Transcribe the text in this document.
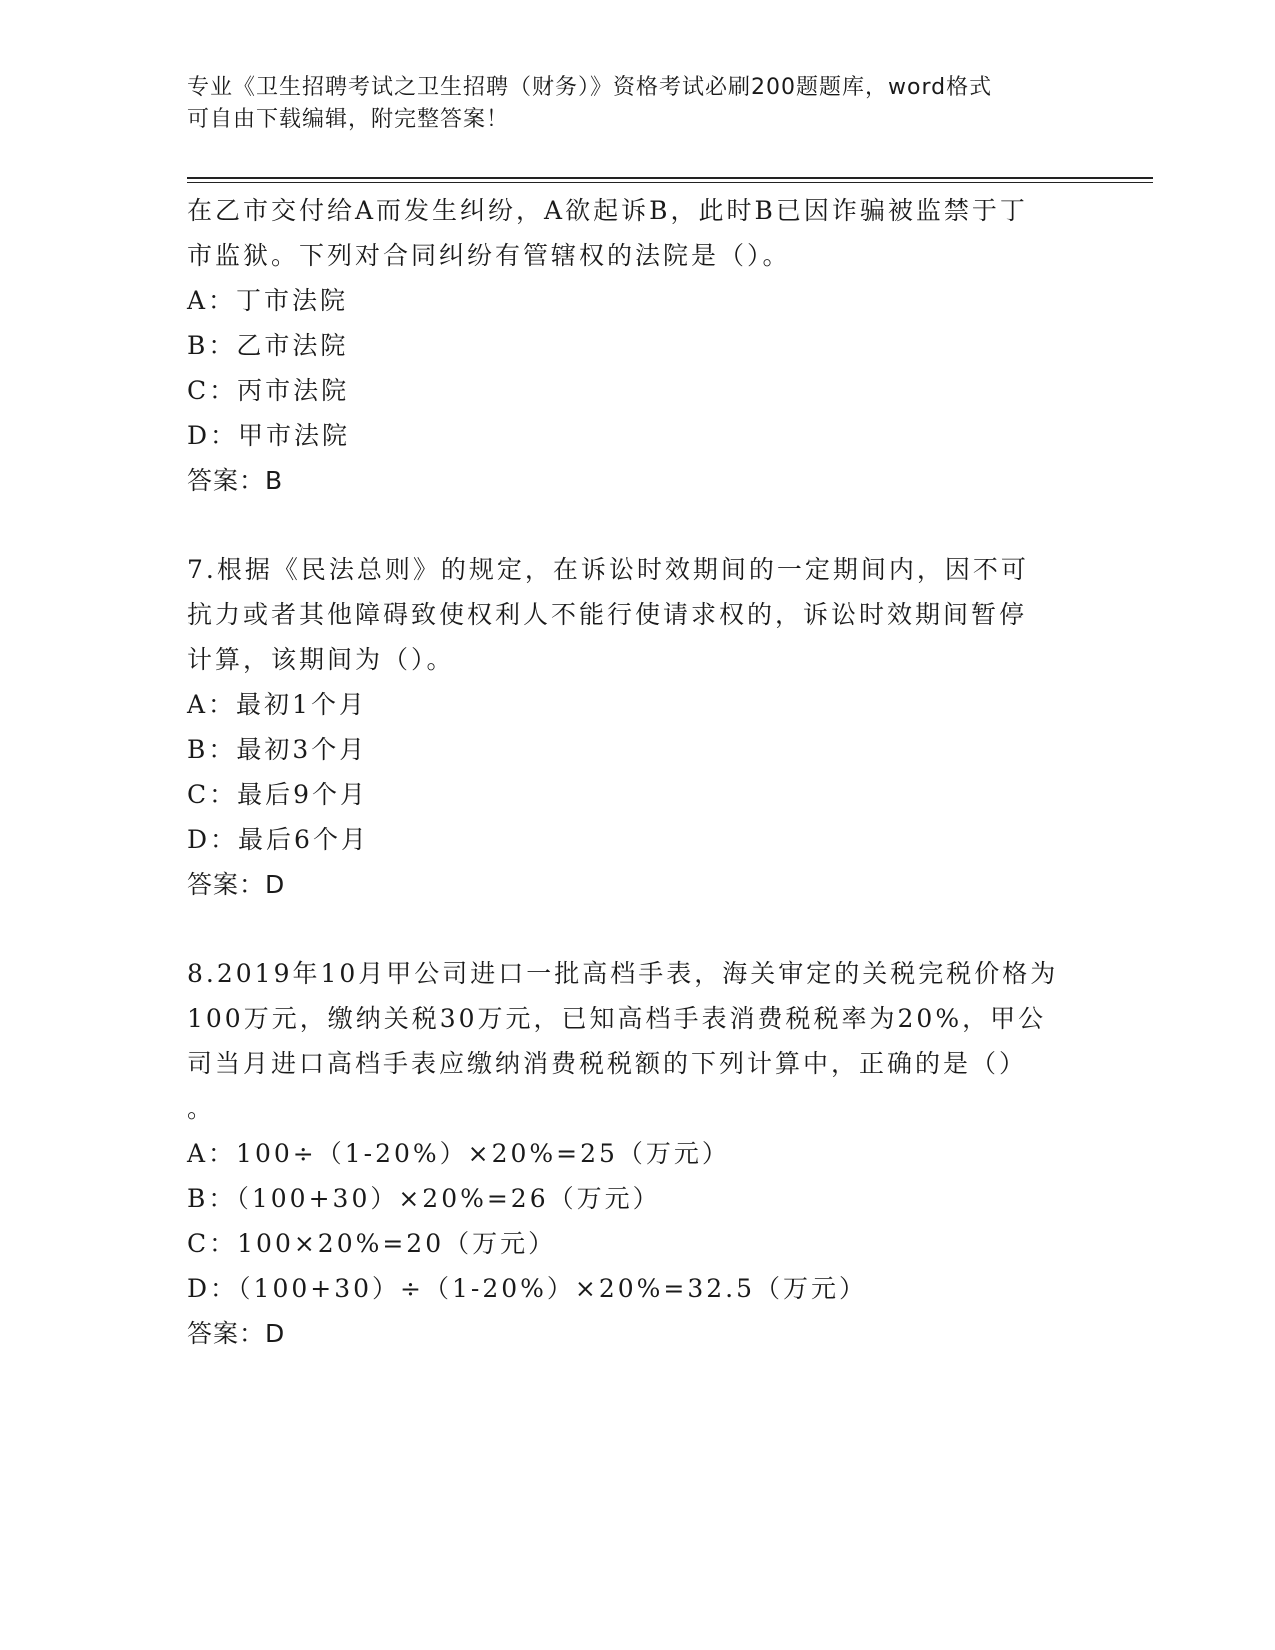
专业《卫生招聘考试之卫生招聘（财务）》资格考试必刷200题题库，word格式
可自由下载编辑，附完整答案！
在乙市交付给A而发生纠纷，A欲起诉B，此时B已因诈骗被监禁于丁
市监狱。下列对合同纠纷有管辖权的法院是（）。
A：丁市法院
B：乙市法院
C：丙市法院
D：甲市法院
答案：B
7.根据《民法总则》的规定，在诉讼时效期间的一定期间内，因不可
抗力或者其他障碍致使权利人不能行使请求权的，诉讼时效期间暂停
计算，该期间为（）。
A：最初1个月
B：最初3个月
C：最后9个月
D：最后6个月
答案：D
8.2019年10月甲公司进口一批高档手表，海关审定的关税完税价格为
100万元，缴纳关税30万元，已知高档手表消费税税率为20%，甲公
司当月进口高档手表应缴纳消费税税额的下列计算中，正确的是（）
。
A：100÷（1-20%）×20%=25（万元）
B：（100+30）×20%=26（万元）
C：100×20%=20（万元）
D：（100+30）÷（1-20%）×20%=32.5（万元）
答案：D
